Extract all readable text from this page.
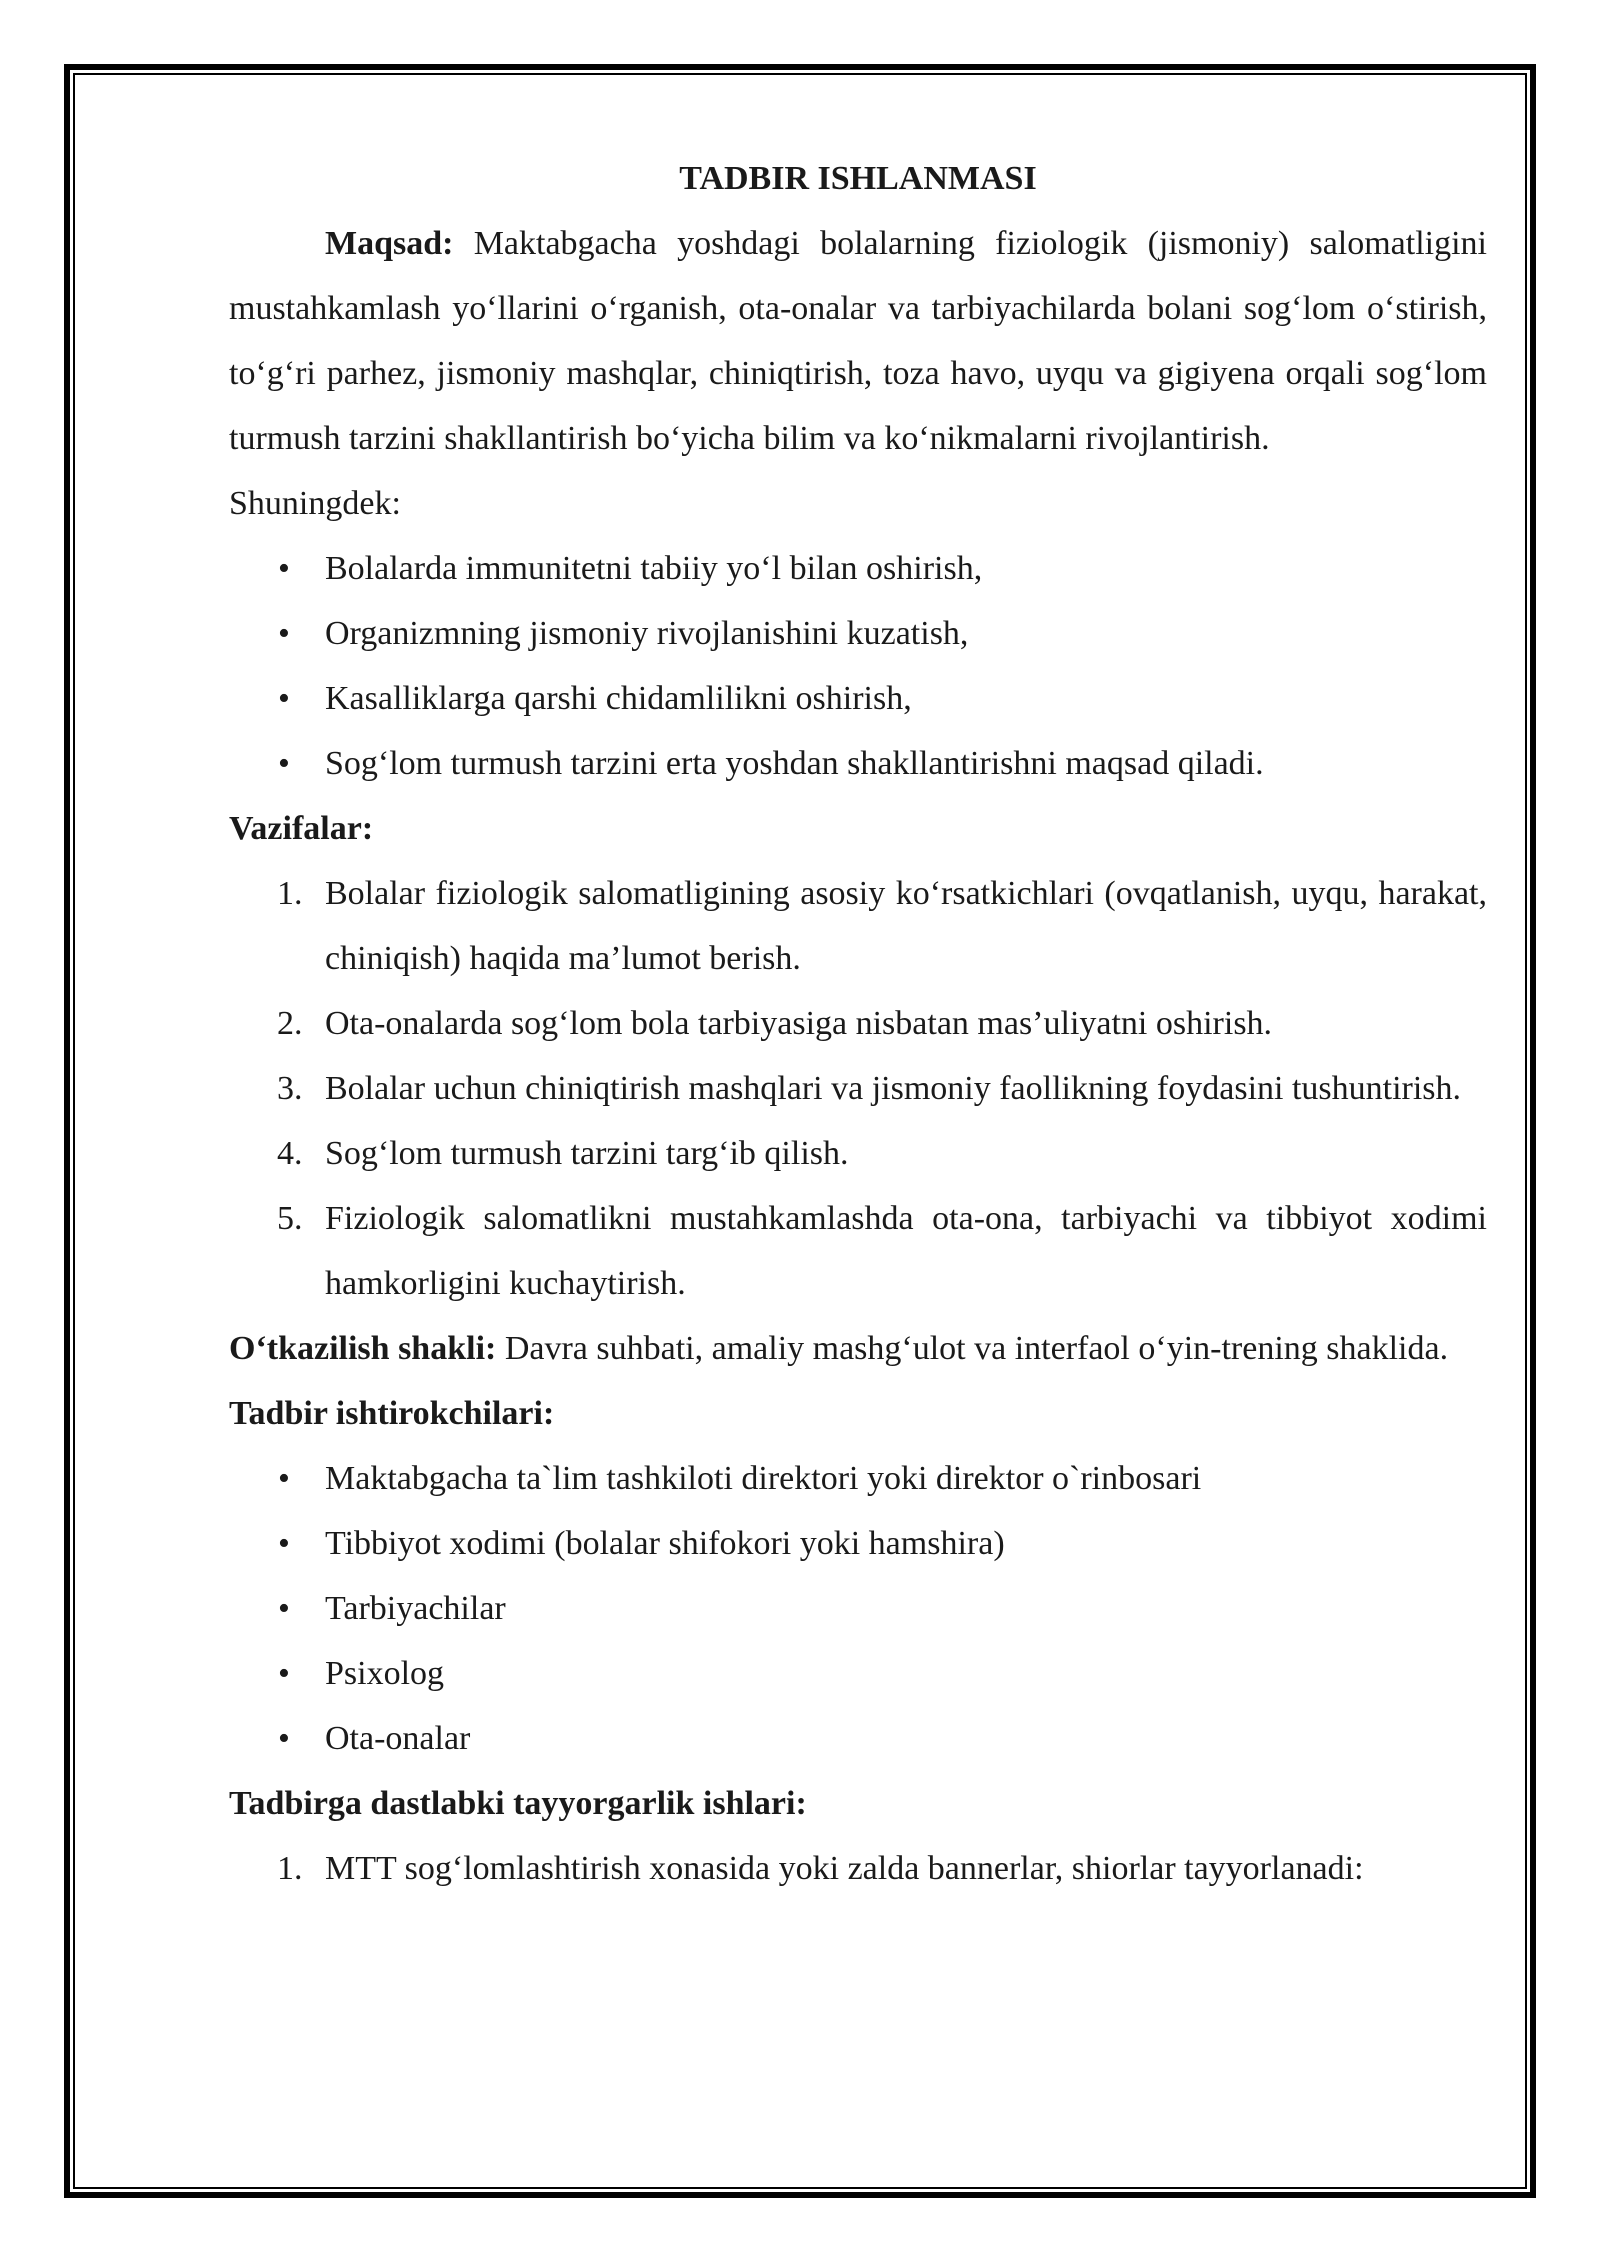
TADBIR ISHLANMASI

Maqsad: Maktabgacha yoshdagi bolalarning fiziologik (jismoniy) salomatligini mustahkamlash yo‘llarini o‘rganish, ota-onalar va tarbiyachilarda bolani sog‘lom o‘stirish, to‘g‘ri parhez, jismoniy mashqlar, chiniqtirish, toza havo, uyqu va gigiyena orqali sog‘lom turmush tarzini shakllantirish bo‘yicha bilim va ko‘nikmalarni rivojlantirish.

Shuningdek:

• Bolalarda immunitetni tabiiy yo‘l bilan oshirish,
• Organizmning jismoniy rivojlanishini kuzatish,
• Kasalliklarga qarshi chidamlilikni oshirish,
• Sog‘lom turmush tarzini erta yoshdan shakllantirishni maqsad qiladi.

Vazifalar:

1. Bolalar fiziologik salomatligining asosiy ko‘rsatkichlari (ovqatlanish, uyqu, harakat, chiniqish) haqida ma’lumot berish.
2. Ota-onalarda sog‘lom bola tarbiyasiga nisbatan mas’uliyatni oshirish.
3. Bolalar uchun chiniqtirish mashqlari va jismoniy faollikning foydasini tushuntirish.
4. Sog‘lom turmush tarzini targ‘ib qilish.
5. Fiziologik salomatlikni mustahkamlashda ota-ona, tarbiyachi va tibbiyot xodimi hamkorligini kuchaytirish.

O‘tkazilish shakli: Davra suhbati, amaliy mashg‘ulot va interfaol o‘yin-trening shaklida.

Tadbir ishtirokchilari:

• Maktabgacha ta`lim tashkiloti direktori yoki direktor o`rinbosari
• Tibbiyot xodimi (bolalar shifokori yoki hamshira)
• Tarbiyachilar
• Psixolog
• Ota-onalar

Tadbirga dastlabki tayyorgarlik ishlari:

1. MTT sog‘lomlashtirish xonasida yoki zalda bannerlar, shiorlar tayyorlanadi:
